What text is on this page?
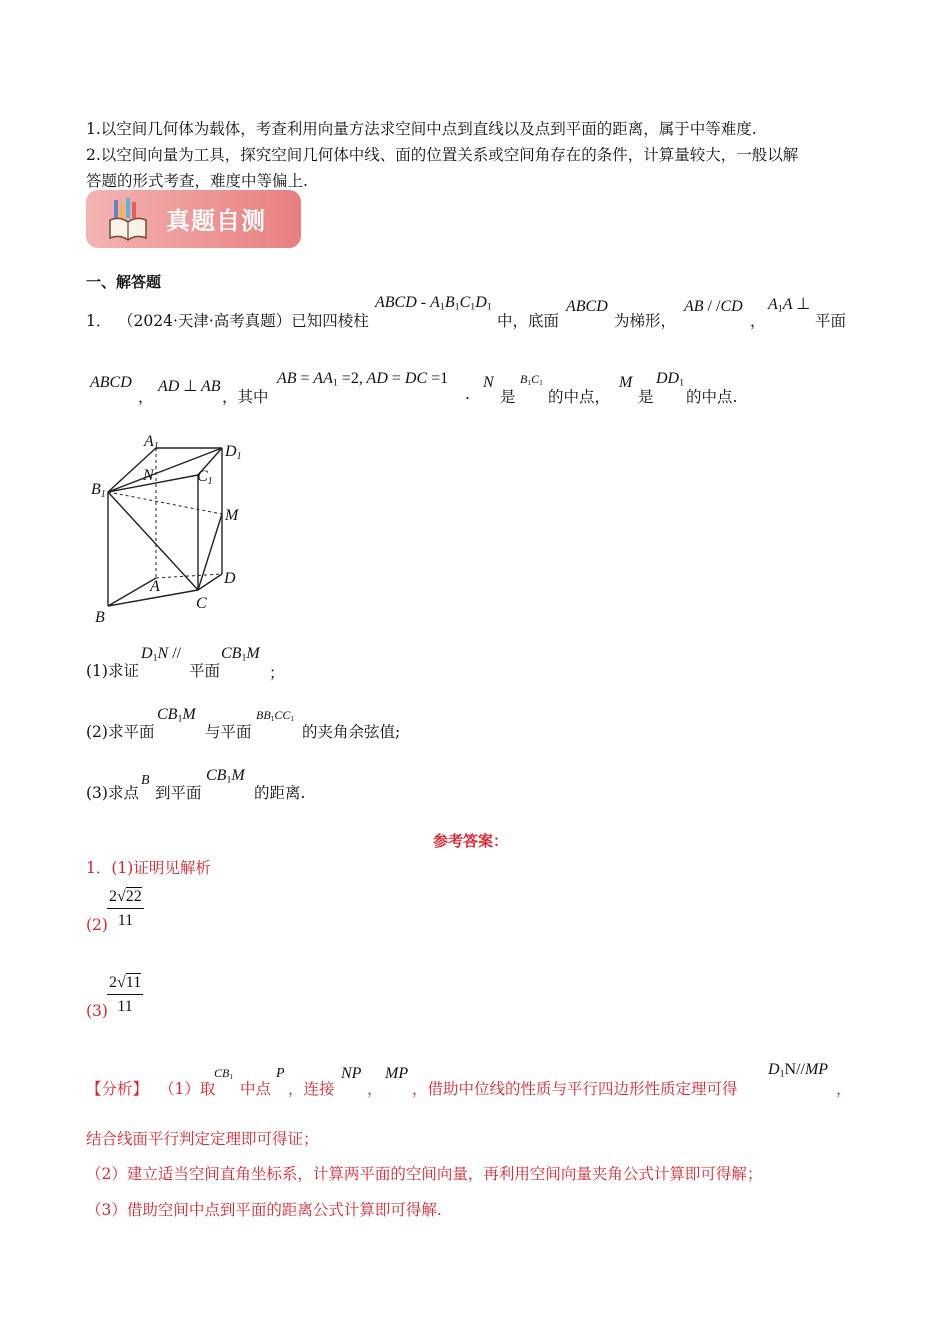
1.以空间几何体为载体，考查利用向量方法求空间中点到直线以及点到平面的距离，属于中等难度.
2.以空间向量为工具，探究空间几何体中线、面的位置关系或空间角存在的条件，计算量较大，一般以解
答题的形式考查，难度中等偏上.
真题自测
一、解答题
1． （2024·天津·高考真题）已知四棱柱
ABCD - $A_1B_1C_1D_1$
中，底面
ABCD
为梯形，
AB / /CD
，
$A_1A$ ⊥
平面
ABCD
，
AD ⊥ AB
，其中
AB = $AA_1 =2$, AD = DC =1
.
N
是
$B_1C_1$
的中点，
M
是
$DD_1$
的中点.
A1	D1
B1
C1
N
M
D
A
C
B
(1)求证
$D_1N$ //
平面
$CB_1M$
；
(2)求平面
$CB_1M$
与平面
$BB_1CC_1$
的夹角余弦值;
(3)求点
B
到平面
$CB_1M$
的距离.
参考答案：
1．(1)证明见解析
$(2) \frac{2√22}{11}$
$(3) \frac{2√11}{11}$
【分析】 （1）取
$CB_1$
中点
P
，连接
NP
，
MP
，借助中位线的性质与平行四边形性质定理可得
$D_1N//MP$
，
结合线面平行判定定理即可得证；
（2）建立适当空间直角坐标系，计算两平面的空间向量，再利用空间向量夹角公式计算即可得解；
（3）借助空间中点到平面的距离公式计算即可得解.
